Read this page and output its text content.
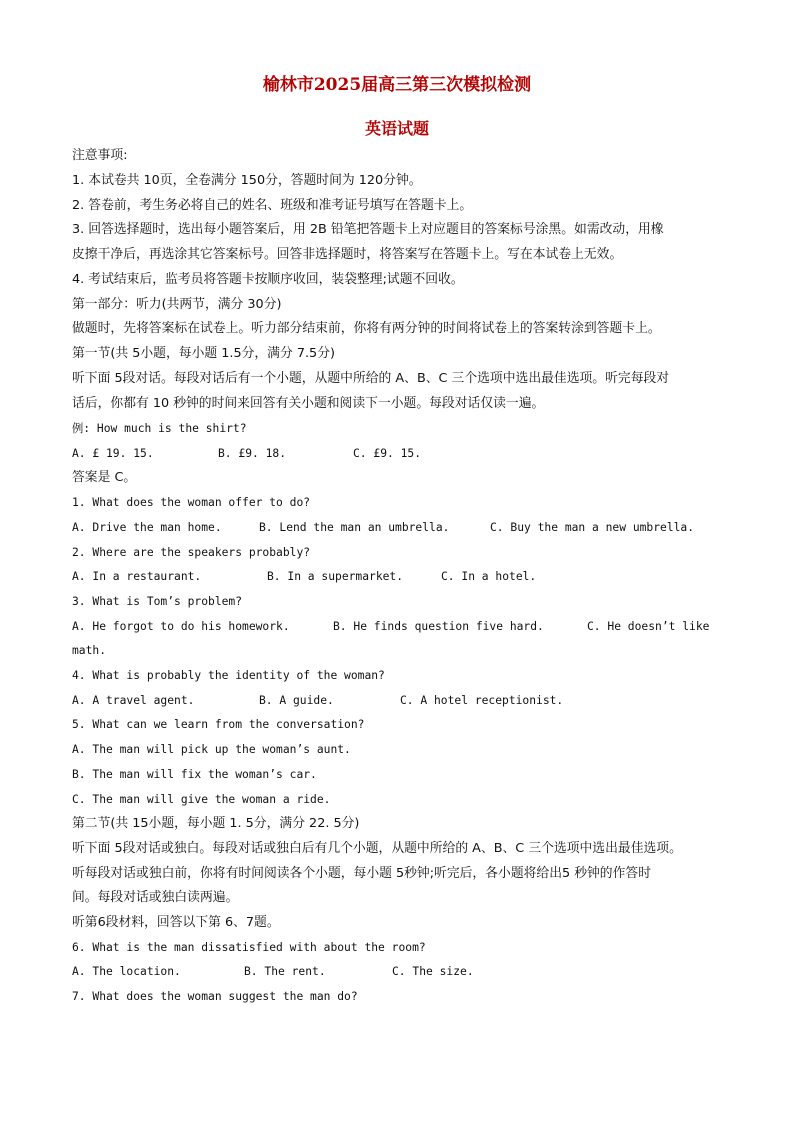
榆林市2025届高三第三次模拟检测
英语试题
注意事项:
1. 本试卷共 10页，全卷满分 150分，答题时间为 120分钟。
2. 答卷前，考生务必将自己的姓名、班级和准考证号填写在答题卡上。
3. 回答选择题时，选出每小题答案后，用 2B 铅笔把答题卡上对应题目的答案标号涂黑。如需改动，用橡
皮擦干净后，再选涂其它答案标号。回答非选择题时，将答案写在答题卡上。写在本试卷上无效。
4. 考试结束后，监考员将答题卡按顺序收回，装袋整理;试题不回收。
第一部分：听力(共两节，满分 30分)
做题时，先将答案标在试卷上。听力部分结束前，你将有两分钟的时间将试卷上的答案转涂到答题卡上。
第一节(共 5小题，每小题 1.5分，满分 7.5分)
听下面 5段对话。每段对话后有一个小题，从题中所给的 A、B、C 三个选项中选出最佳选项。听完每段对
话后，你都有 10 秒钟的时间来回答有关小题和阅读下一小题。每段对话仅读一遍。
例: How much is the shirt?
A. £ 19. 15.	B. £9. 18.	C. £9. 15.
答案是 C。
1. What does the woman offer to do?
A. Drive the man home.	B. Lend the man an umbrella.	C. Buy the man a new umbrella.
2. Where are the speakers probably?
A. In a restaurant.	B. In a supermarket.	C. In a hotel.
3. What is Tom’s problem?
A. He forgot to do his homework.	B. He finds question five hard.	C. He doesn’t like
math.
4. What is probably the identity of the woman?
A. A travel agent.	B. A guide.	C. A hotel receptionist.
5. What can we learn from the conversation?
A. The man will pick up the woman’s aunt.
B. The man will fix the woman’s car.
C. The man will give the woman a ride.
第二节(共 15小题，每小题 1. 5分，满分 22. 5分)
听下面 5段对话或独白。每段对话或独白后有几个小题，从题中所给的 A、B、C 三个选项中选出最佳选项。
听每段对话或独白前，你将有时间阅读各个小题，每小题 5秒钟;听完后，各小题将给出5 秒钟的作答时
间。每段对话或独白读两遍。
听第6段材料，回答以下第 6、7题。
6. What is the man dissatisfied with about the room?
A. The location.	B. The rent.	C. The size.
7. What does the woman suggest the man do?
